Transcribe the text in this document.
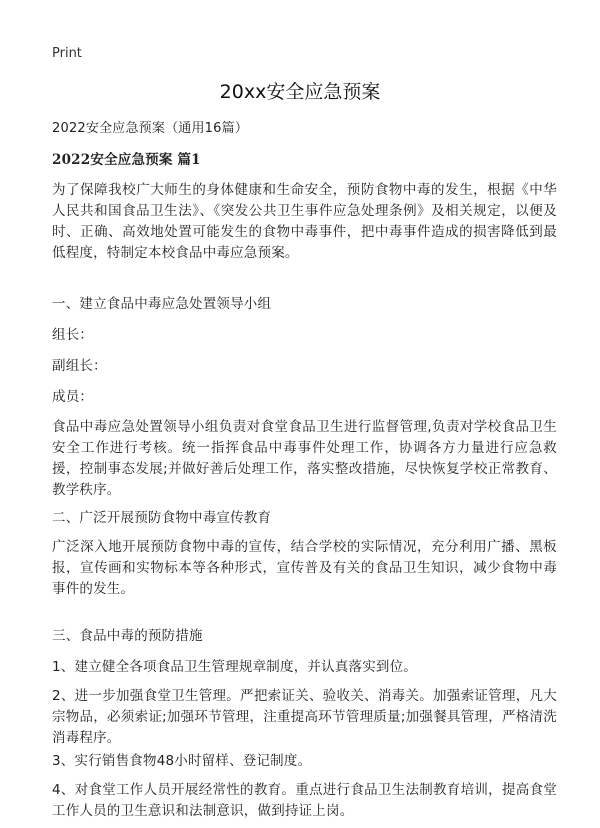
Print
20xx安全应急预案

2022安全应急预案（通用16篇）

2022安全应急预案 篇1

为了保障我校广大师生的身体健康和生命安全，预防食物中毒的发生，根据《中华人民共和国食品卫生法》、《突发公共卫生事件应急处理条例》及相关规定，以便及时、正确、高效地处置可能发生的食物中毒事件，把中毒事件造成的损害降低到最低程度，特制定本校食品中毒应急预案。

一、建立食品中毒应急处置领导小组

组长：

副组长：

成员：

食品中毒应急处置领导小组负责对食堂食品卫生进行监督管理,负责对学校食品卫生安全工作进行考核。统一指挥食品中毒事件处理工作，协调各方力量进行应急救援，控制事态发展;并做好善后处理工作，落实整改措施，尽快恢复学校正常教育、教学秩序。

二、广泛开展预防食物中毒宣传教育

广泛深入地开展预防食物中毒的宣传，结合学校的实际情况，充分利用广播、黑板报，宣传画和实物标本等各种形式，宣传普及有关的食品卫生知识，减少食物中毒事件的发生。

三、食品中毒的预防措施

1、建立健全各项食品卫生管理规章制度，并认真落实到位。

2、进一步加强食堂卫生管理。严把索证关、验收关、消毒关。加强索证管理，凡大宗物品，必须索证;加强环节管理，注重提高环节管理质量;加强餐具管理，严格清洗消毒程序。

3、实行销售食物48小时留样、登记制度。

4、对食堂工作人员开展经常性的教育。重点进行食品卫生法制教育培训，提高食堂工作人员的卫生意识和法制意识，做到持证上岗。
